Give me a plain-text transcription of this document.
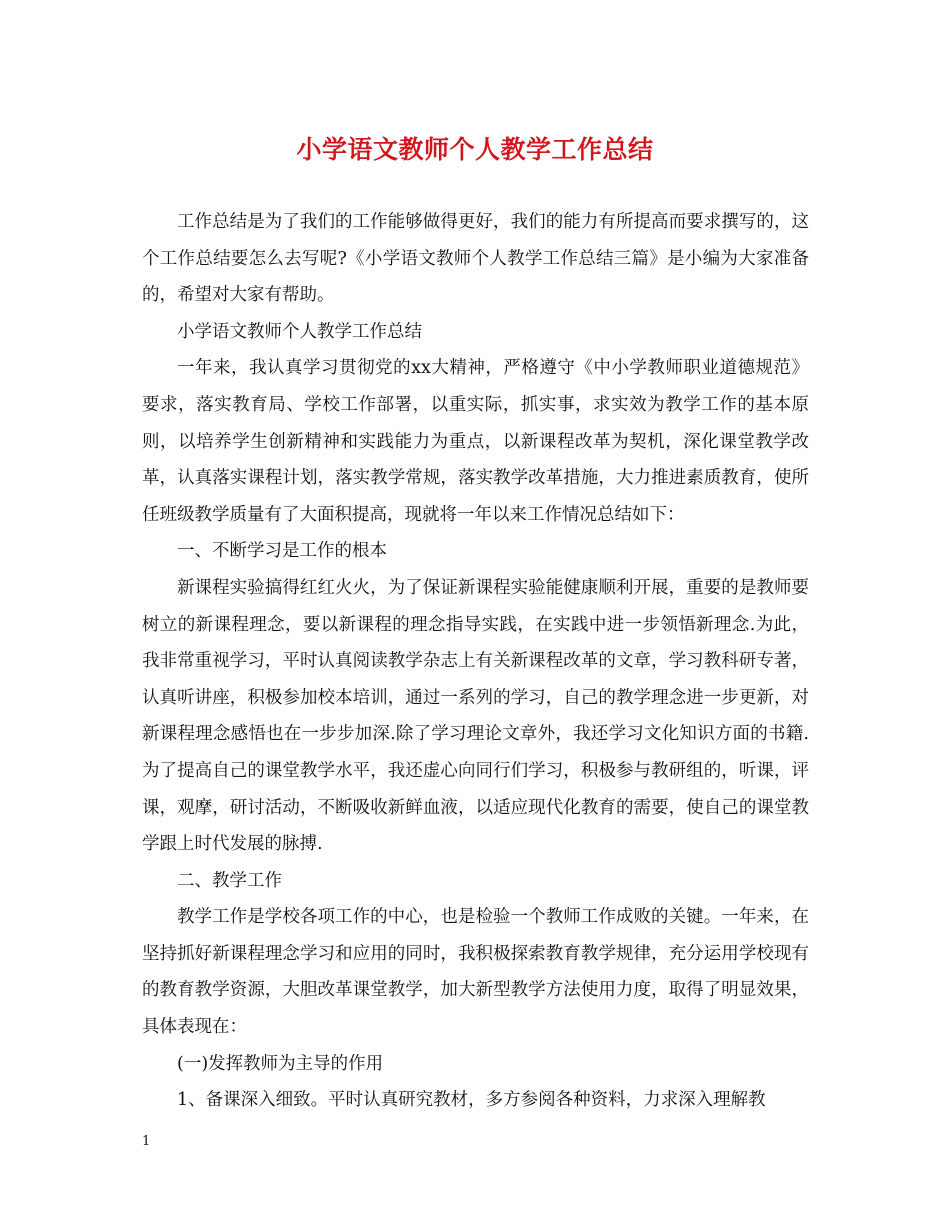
小学语文教师个人教学工作总结

工作总结是为了我们的工作能够做得更好，我们的能力有所提高而要求撰写的，这个工作总结要怎么去写呢?《小学语文教师个人教学工作总结三篇》是小编为大家准备的，希望对大家有帮助。

小学语文教师个人教学工作总结

一年来，我认真学习贯彻党的xx大精神，严格遵守《中小学教师职业道德规范》要求，落实教育局、学校工作部署，以重实际，抓实事，求实效为教学工作的基本原则，以培养学生创新精神和实践能力为重点，以新课程改革为契机，深化课堂教学改革，认真落实课程计划，落实教学常规，落实教学改革措施，大力推进素质教育，使所任班级教学质量有了大面积提高，现就将一年以来工作情况总结如下：

一、不断学习是工作的根本

新课程实验搞得红红火火，为了保证新课程实验能健康顺利开展，重要的是教师要树立的新课程理念，要以新课程的理念指导实践，在实践中进一步领悟新理念.为此，我非常重视学习，平时认真阅读教学杂志上有关新课程改革的文章，学习教科研专著，认真听讲座，积极参加校本培训，通过一系列的学习，自己的教学理念进一步更新，对新课程理念感悟也在一步步加深.除了学习理论文章外，我还学习文化知识方面的书籍.为了提高自己的课堂教学水平，我还虚心向同行们学习，积极参与教研组的，听课，评课，观摩，研讨活动，不断吸收新鲜血液，以适应现代化教育的需要，使自己的课堂教学跟上时代发展的脉搏.

二、教学工作

教学工作是学校各项工作的中心，也是检验一个教师工作成败的关键。一年来，在坚持抓好新课程理念学习和应用的同时，我积极探索教育教学规律，充分运用学校现有的教育教学资源，大胆改革课堂教学，加大新型教学方法使用力度，取得了明显效果，具体表现在：

(一)发挥教师为主导的作用

1、备课深入细致。平时认真研究教材，多方参阅各种资料，力求深入理解教

1
